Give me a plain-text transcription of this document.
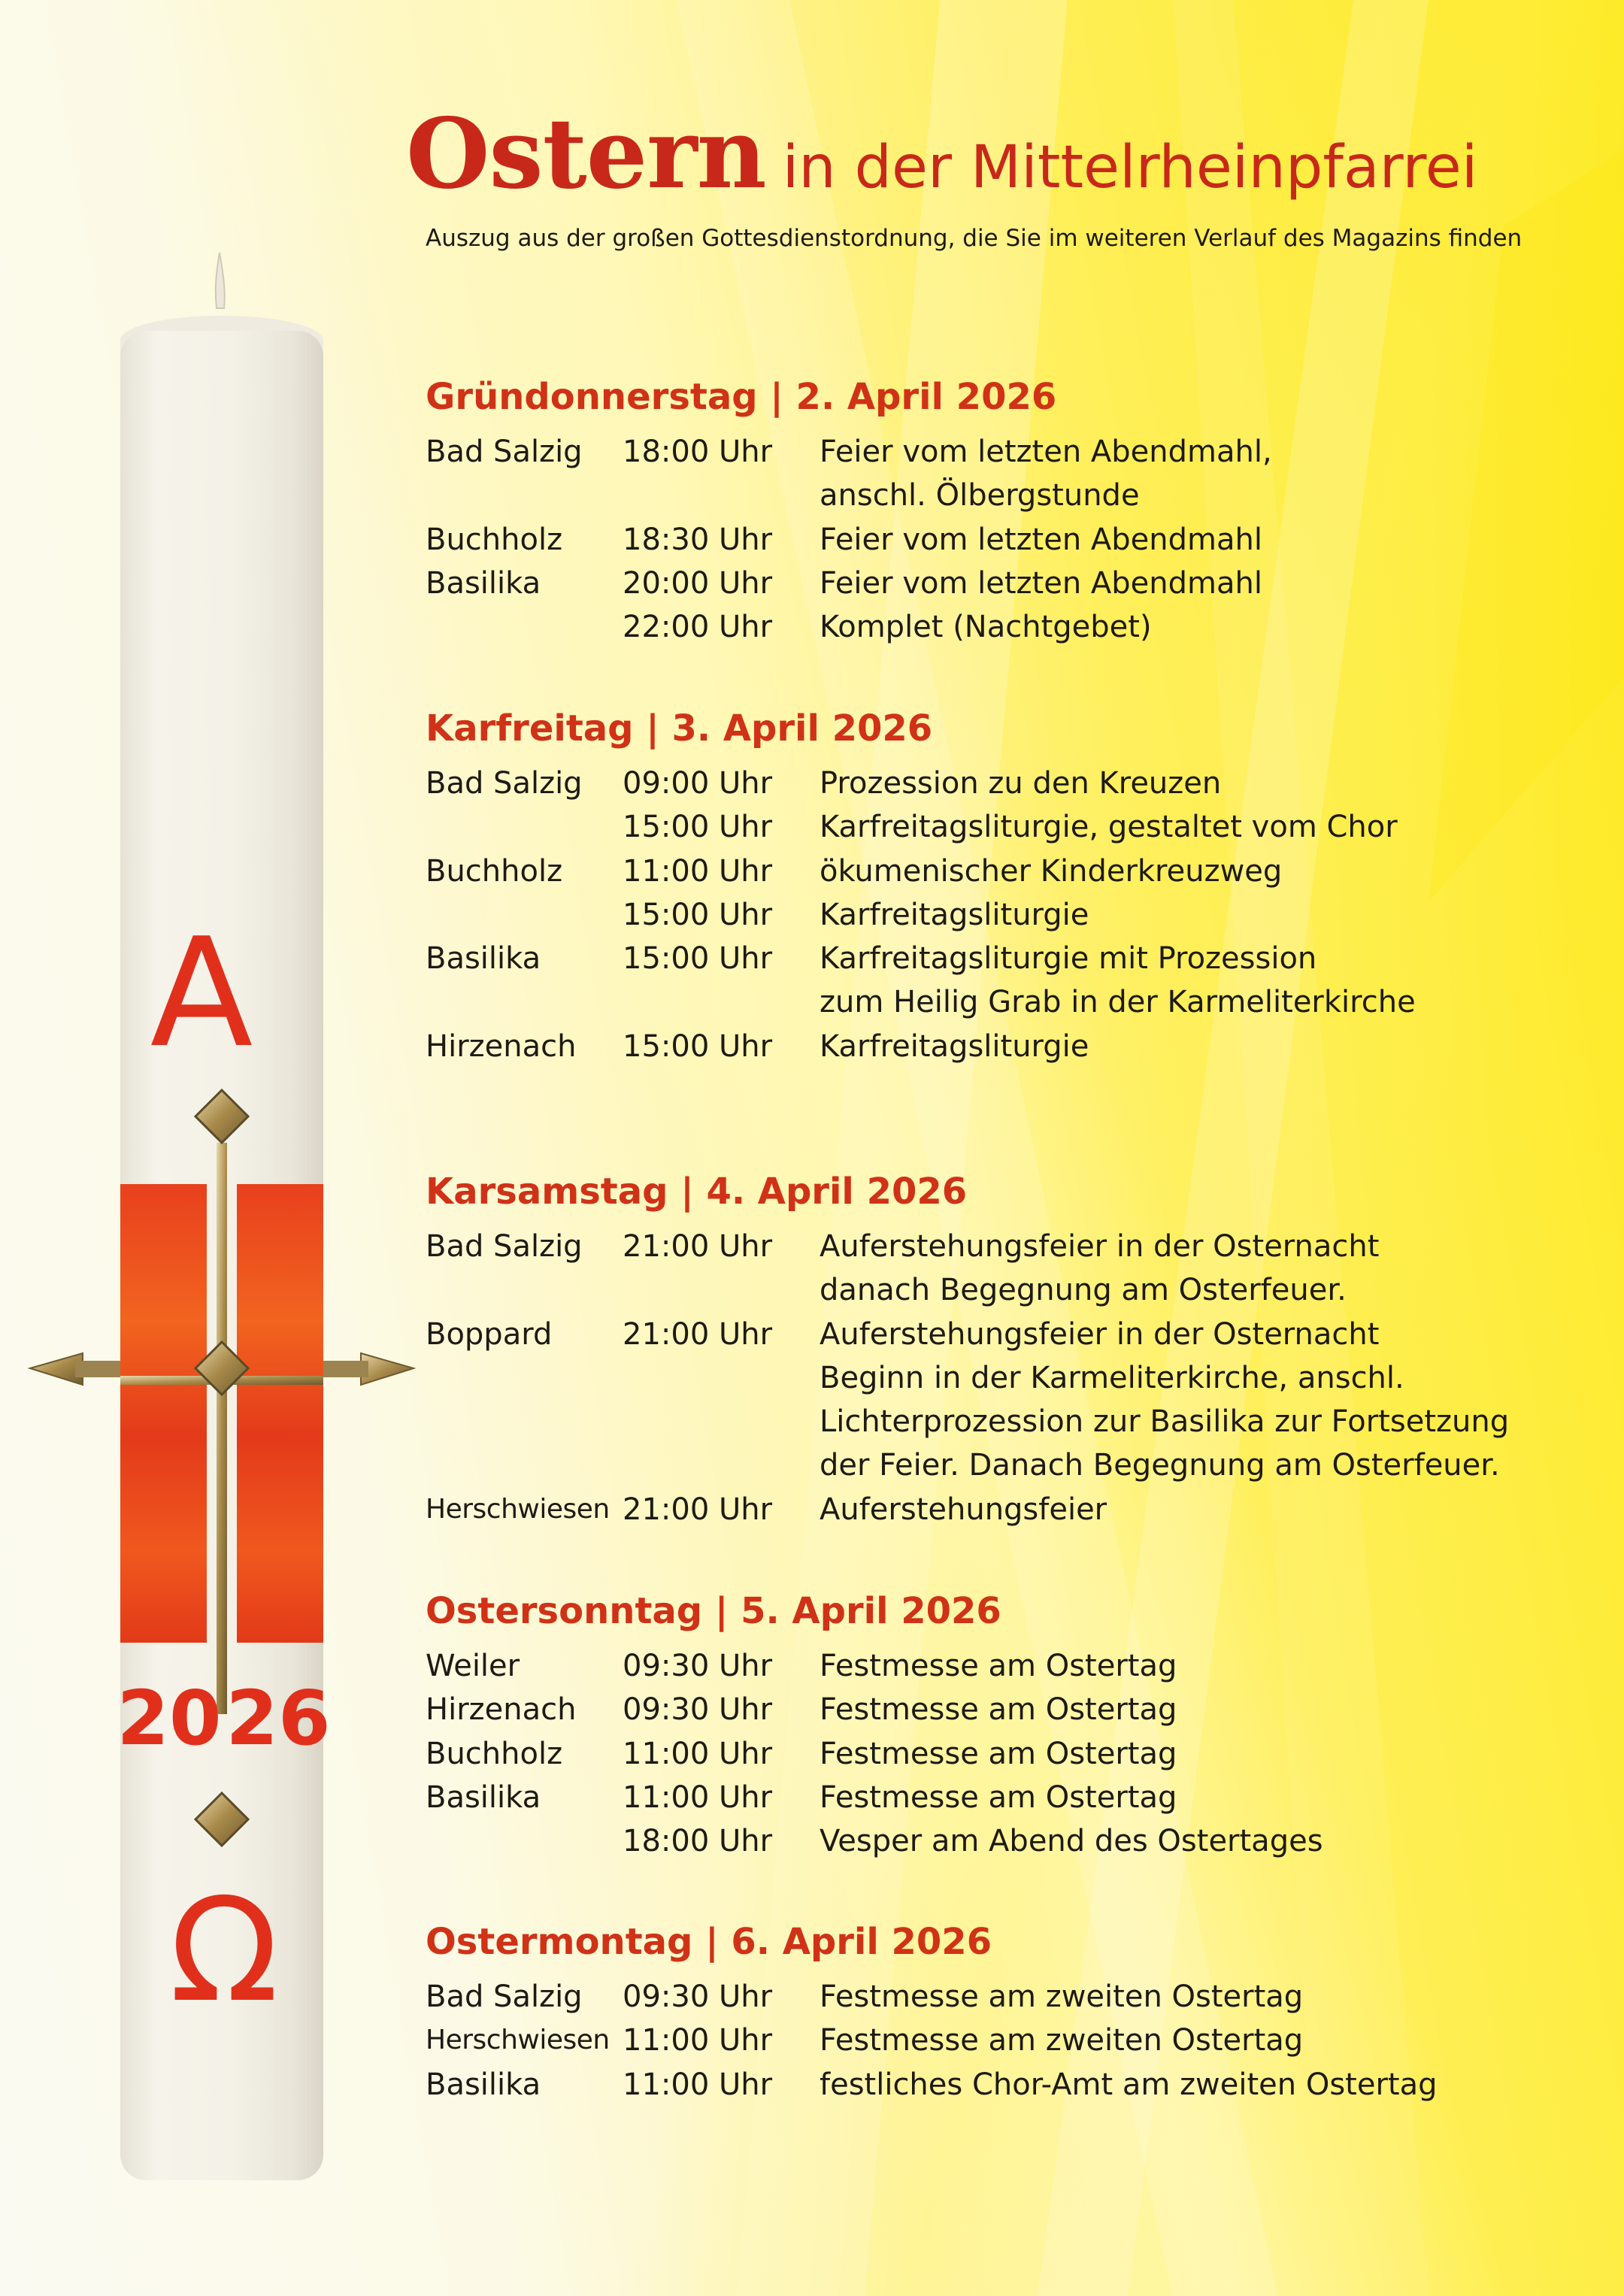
A
20 26
Ω
Ostern in der Mittelrheinpfarrei
Auszug aus der großen Gottesdienstordnung, die Sie im weiteren Verlauf des Magazins finden
Gründonnerstag | 2. April 2026
Bad Salzig	18:00 Uhr	Feier vom letzten Abendmahl,
anschl. Ölbergstunde
Buchholz	18:30 Uhr	Feier vom letzten Abendmahl
Basilika	20:00 Uhr	Feier vom letzten Abendmahl
22:00 Uhr	Komplet (Nachtgebet)
Karfreitag | 3. April 2026
Bad Salzig	09:00 Uhr	Prozession zu den Kreuzen
15:00 Uhr	Karfreitagsliturgie, gestaltet vom Chor
Buchholz	11:00 Uhr	ökumenischer Kinderkreuzweg
15:00 Uhr	Karfreitagsliturgie
Basilika	15:00 Uhr	Karfreitagsliturgie mit Prozession
zum Heilig Grab in der Karmeliterkirche
Hirzenach	15:00 Uhr	Karfreitagsliturgie
Karsamstag | 4. April 2026
Bad Salzig	21:00 Uhr	Auferstehungsfeier in der Osternacht
danach Begegnung am Osterfeuer.
Boppard	21:00 Uhr	Auferstehungsfeier in der Osternacht
Beginn in der Karmeliterkirche, anschl.
Lichterprozession zur Basilika zur Fortsetzung
der Feier. Danach Begegnung am Osterfeuer.
Herschwiesen 21:00 Uhr	Auferstehungsfeier
Ostersonntag | 5. April 2026
Weiler	09:30 Uhr	Festmesse am Ostertag
Hirzenach	09:30 Uhr	Festmesse am Ostertag
Buchholz	11:00 Uhr	Festmesse am Ostertag
Basilika	11:00 Uhr	Festmesse am Ostertag
18:00 Uhr	Vesper am Abend des Ostertages
Ostermontag | 6. April 2026
Bad Salzig	09:30 Uhr	Festmesse am zweiten Ostertag
Herschwiesen 11:00 Uhr	Festmesse am zweiten Ostertag
Basilika	11:00 Uhr	festliches Chor-Amt am zweiten Ostertag
